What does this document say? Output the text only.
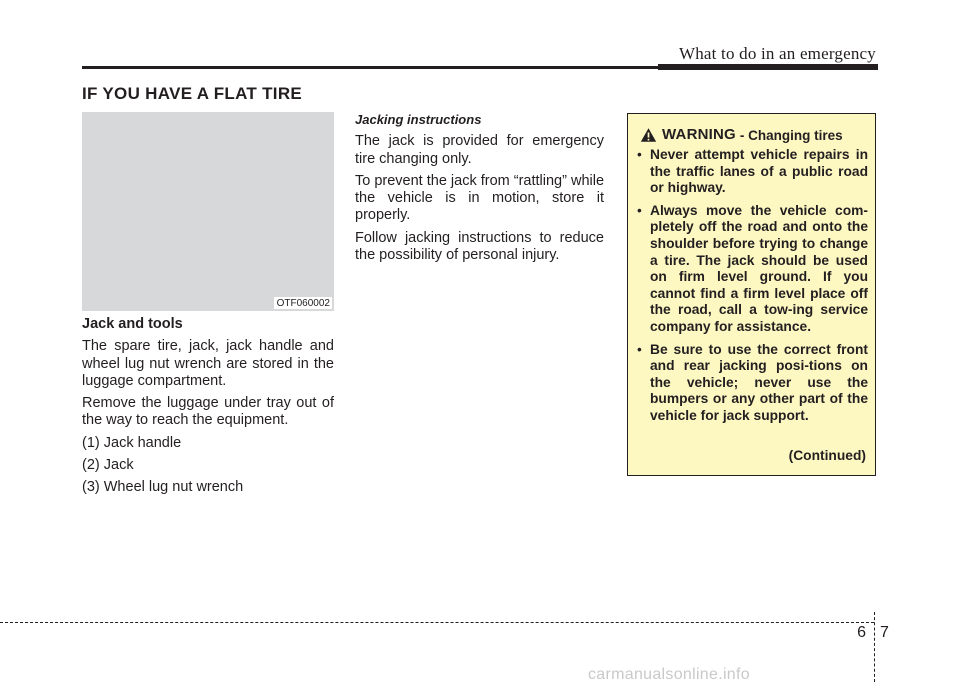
What to do in an emergency
IF YOU HAVE A FLAT TIRE
OTF060002

Jack and tools

The spare tire, jack, jack handle and wheel lug nut wrench are stored in the luggage compartment.

Remove the luggage under tray out of the way to reach the equipment.

(1) Jack handle

(2) Jack

(3) Wheel lug nut wrench

Jacking instructions

The jack is provided for emergency tire changing only.

To prevent the jack from “rattling” while the vehicle is in motion, store it properly.

Follow jacking instructions to reduce the possibility of personal injury.

WARNING - Changing tires
• Never attempt vehicle repairs in the traffic lanes of a public road or highway.
• Always move the vehicle com-pletely off the road and onto the shoulder before trying to change a tire. The jack should be used on firm level ground. If you cannot find a firm level place off the road, call a tow-ing service company for assistance.
• Be sure to use the correct front and rear jacking posi-tions on the vehicle; never use the bumpers or any other part of the vehicle for jack support.
(Continued)
6 7
carmanualsonline.info
